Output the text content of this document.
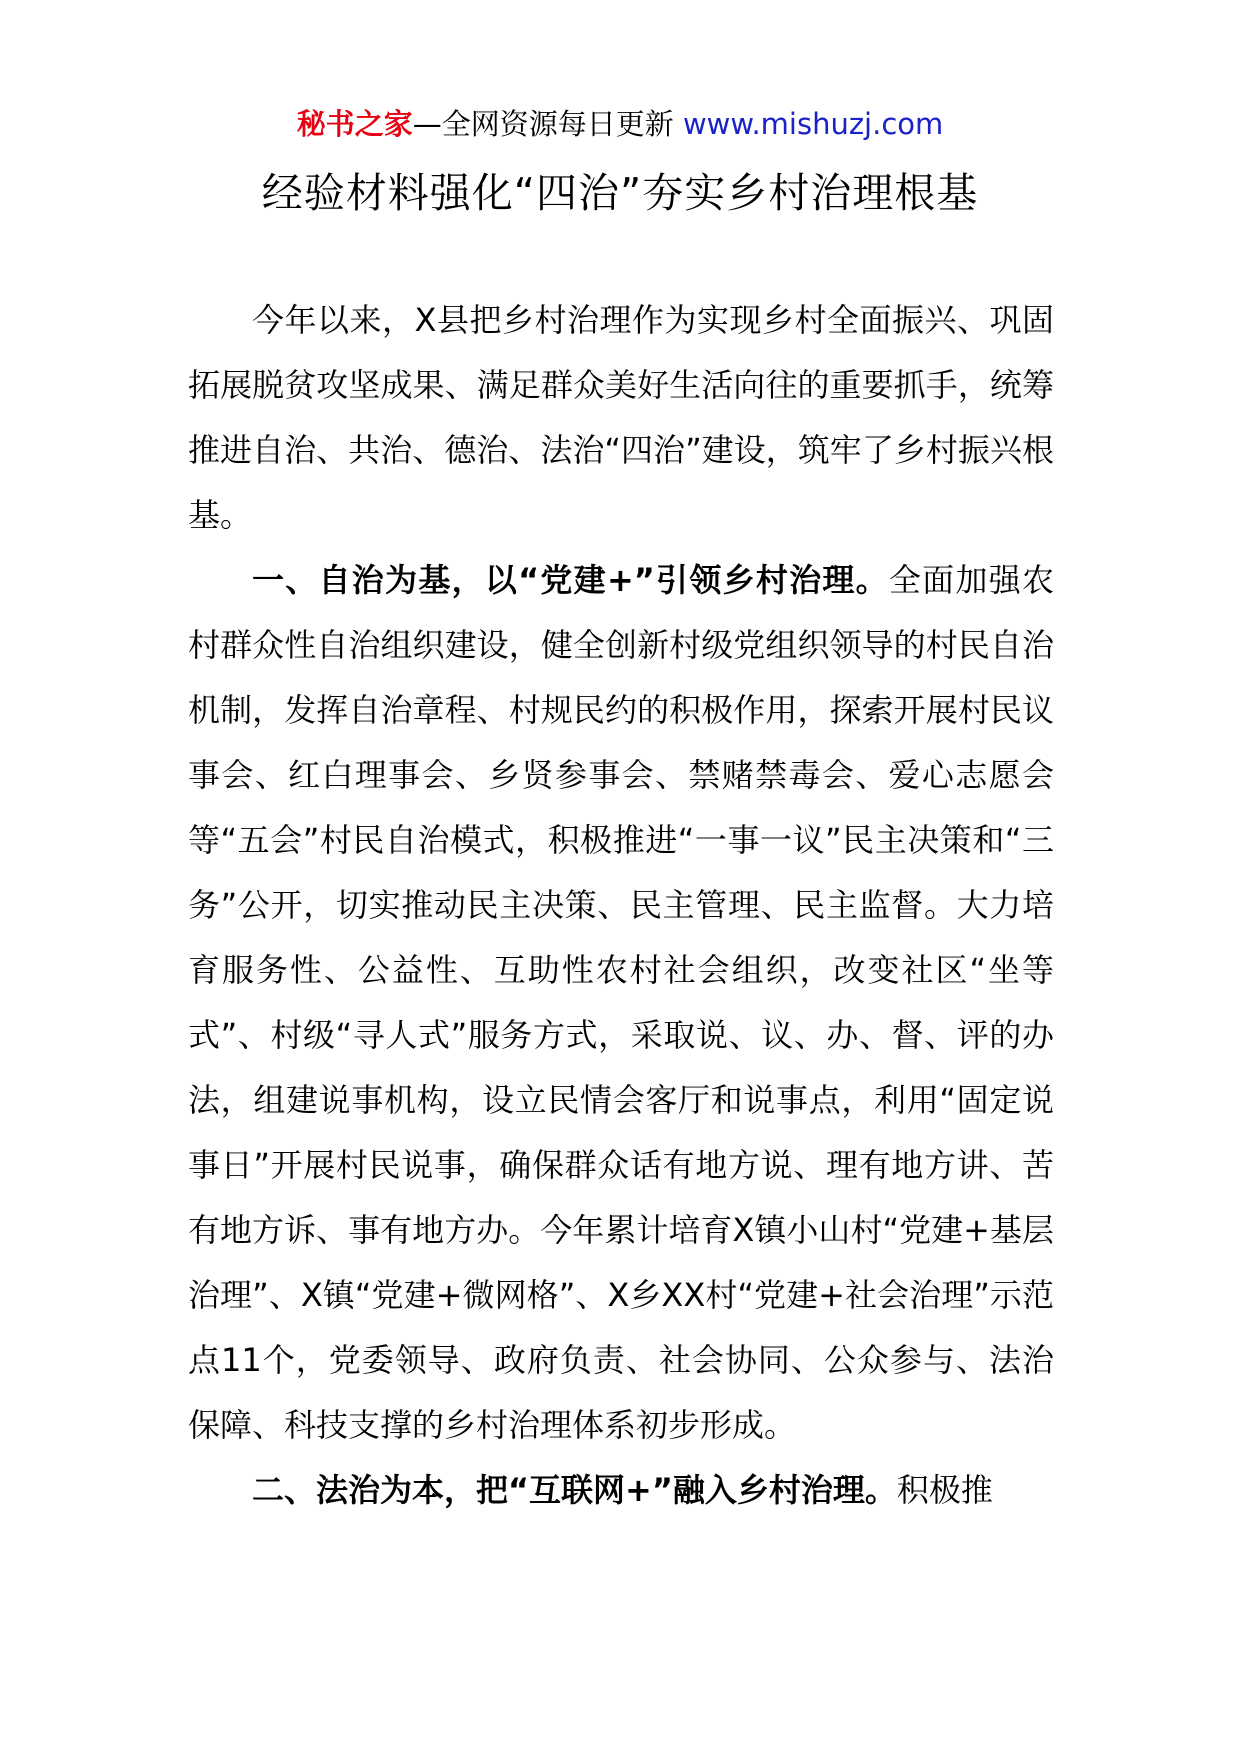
秘书之家—全网资源每日更新 www.mishuzj.com
经验材料强化“四治”夯实乡村治理根基

今年以来，X县把乡村治理作为实现乡村全面振兴、巩固拓展脱贫攻坚成果、满足群众美好生活向往的重要抓手，统筹推进自治、共治、德治、法治“四治”建设，筑牢了乡村振兴根基。

一、自治为基，以“党建+”引领乡村治理。全面加强农村群众性自治组织建设，健全创新村级党组织领导的村民自治机制，发挥自治章程、村规民约的积极作用，探索开展村民议事会、红白理事会、乡贤参事会、禁赌禁毒会、爱心志愿会等“五会”村民自治模式，积极推进“一事一议”民主决策和“三务”公开，切实推动民主决策、民主管理、民主监督。大力培育服务性、公益性、互助性农村社会组织，改变社区“坐等式”、村级“寻人式”服务方式，采取说、议、办、督、评的办法，组建说事机构，设立民情会客厅和说事点，利用“固定说事日”开展村民说事，确保群众话有地方说、理有地方讲、苦有地方诉、事有地方办。今年累计培育X镇小山村“党建+基层治理”、X镇“党建+微网格”、X乡XX村“党建+社会治理”示范点11个，党委领导、政府负责、社会协同、公众参与、法治保障、科技支撑的乡村治理体系初步形成。

二、法治为本，把“互联网+”融入乡村治理。积极推
